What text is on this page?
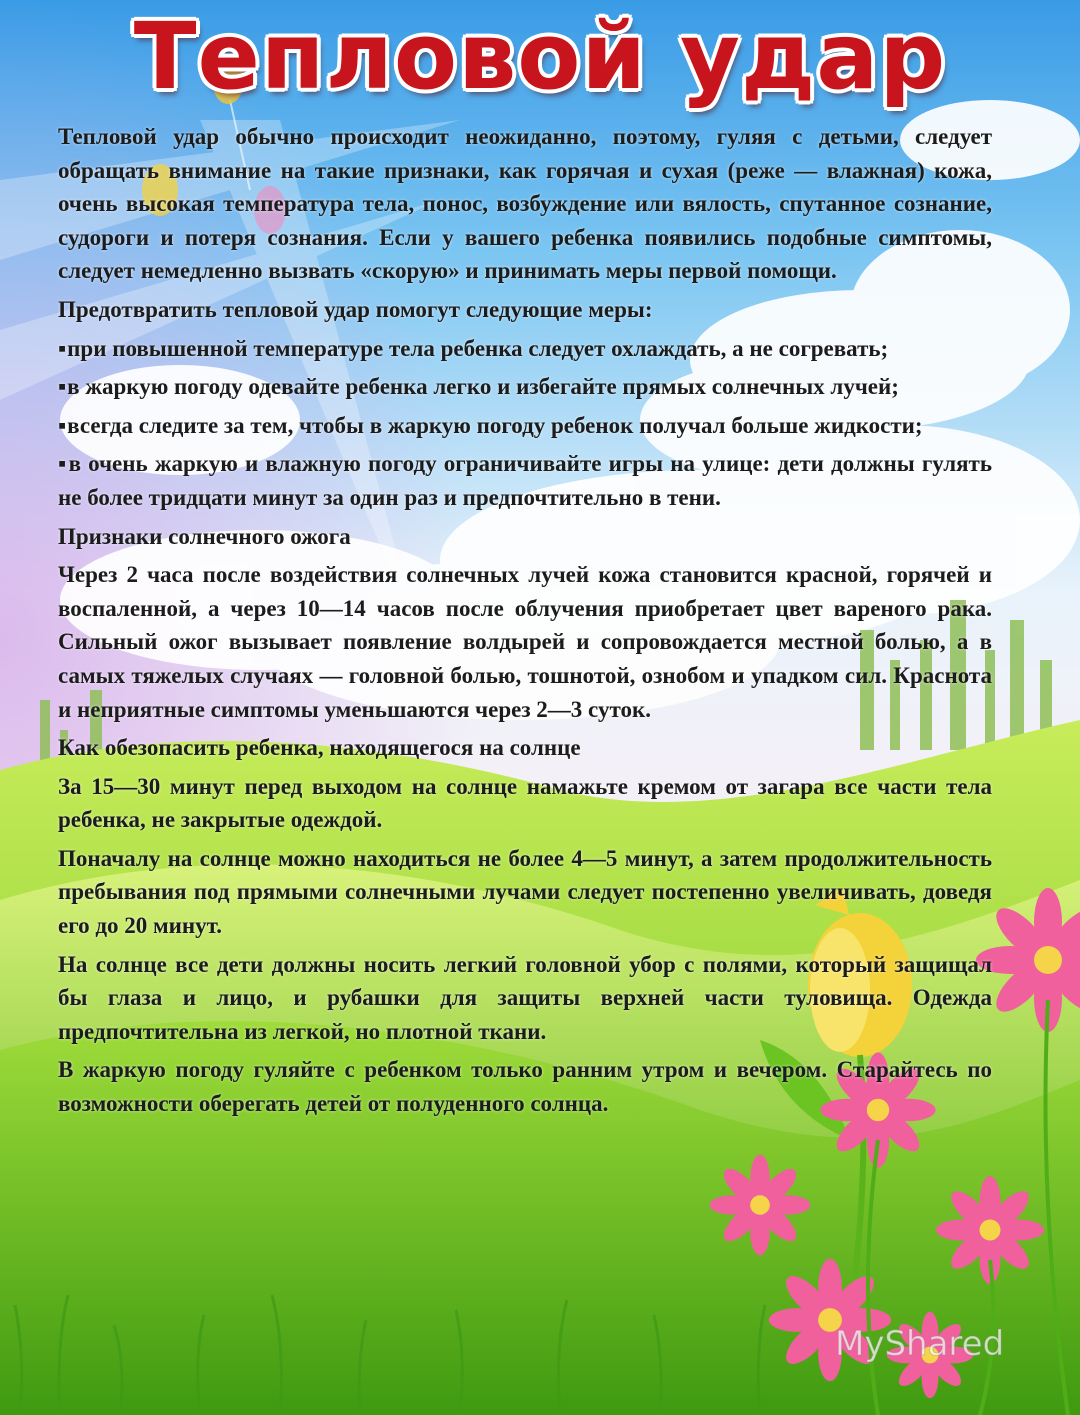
MyShared
Тепловой удар

Тепловой удар обычно происходит неожиданно, поэтому, гуляя с детьми, следует обращать внимание на такие признаки, как горячая и сухая (реже — влажная) кожа, очень высокая температура тела, понос, возбуждение или вялость, спутанное сознание, судороги и потеря сознания. Если у вашего ребенка появились подобные симптомы, следует немедленно вызвать «скорую» и принимать меры первой помощи.

Предотвратить тепловой удар помогут следующие меры:

▪ при повышенной температуре тела ребенка следует охлаждать, а не согревать;

▪ в жаркую погоду одевайте ребенка легко и избегайте прямых солнечных лучей;

▪ всегда следите за тем, чтобы в жаркую погоду ребенок получал больше жидкости;

▪ в очень жаркую и влажную погоду ограничивайте игры на улице: дети должны гулять не более тридцати минут за один раз и предпочтительно в тени.

Признаки солнечного ожога

Через 2 часа после воздействия солнечных лучей кожа становится красной, горячей и воспаленной, а через 10—14 часов после облучения приобретает цвет вареного рака. Сильный ожог вызывает появление волдырей и сопровождается местной болью, а в самых тяжелых случаях — головной болью, тошнотой, ознобом и упадком сил. Краснота и неприятные симптомы уменьшаются через 2—3 суток.

Как обезопасить ребенка, находящегося на солнце

За 15—30 минут перед выходом на солнце намажьте кремом от загара все части тела ребенка, не закрытые одеждой.

Поначалу на солнце можно находиться не более 4—5 минут, а затем продолжительность пребывания под прямыми солнечными лучами следует постепенно увеличивать, доведя его до 20 минут.

На солнце все дети должны носить легкий головной убор с полями, который защищал бы глаза и лицо, и рубашки для защиты верхней части туловища. Одежда предпочтительна из легкой, но плотной ткани.

В жаркую погоду гуляйте с ребенком только ранним утром и вечером. Старайтесь по возможности оберегать детей от полуденного солнца.
